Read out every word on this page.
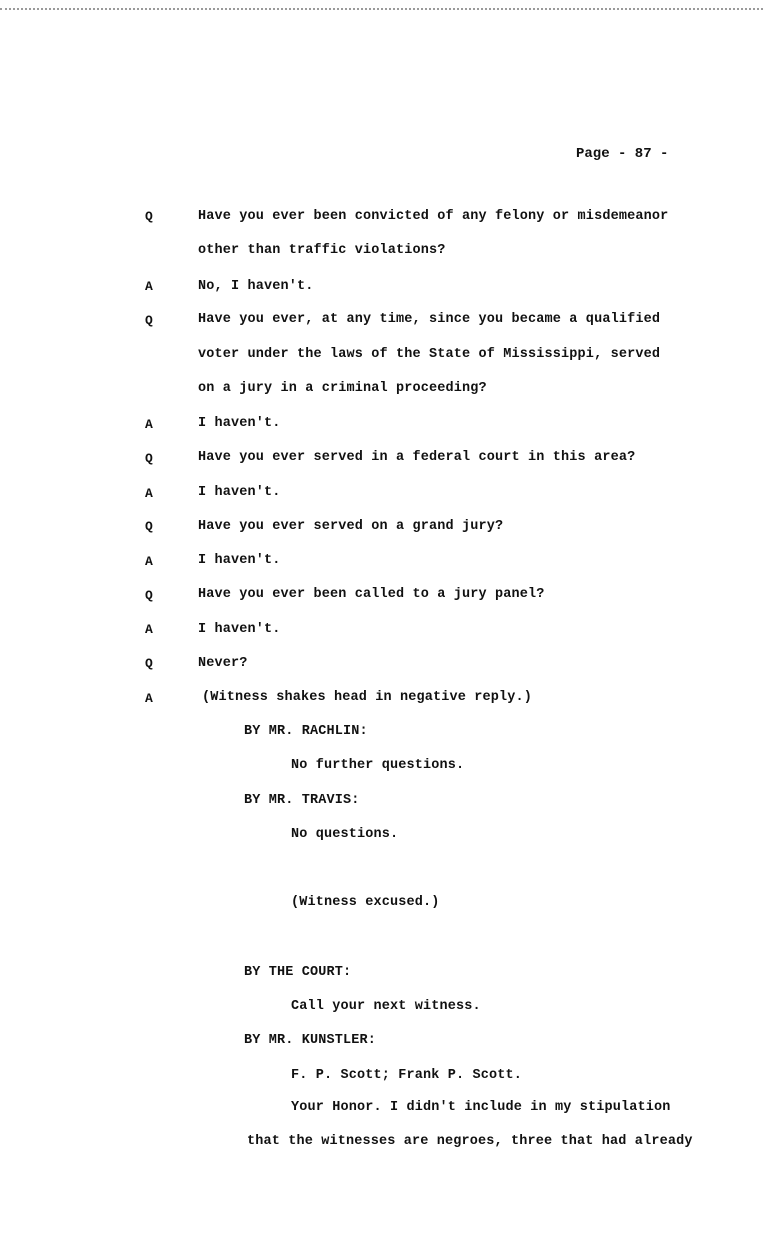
Page - 87 -
Q	Have you ever been convicted of any felony or misdemeanor
other than traffic violations?
A	No, I haven't.
Q	Have you ever, at any time, since you became a qualified
voter under the laws of the State of Mississippi, served
on a jury in a criminal proceeding?
A	I haven't.
Q	Have you ever served in a federal court in this area?
A	I haven't.
Q	Have you ever served on a grand jury?
A	I haven't.
Q	Have you ever been called to a jury panel?
A	I haven't.
Q	Never?
A	(Witness shakes head in negative reply.)
BY MR. RACHLIN:
No further questions.
BY MR. TRAVIS:
No questions.
(Witness excused.)
BY THE COURT:
Call your next witness.
BY MR. KUNSTLER:
F. P. Scott; Frank P. Scott.
Your Honor. I didn't include in my stipulation
that the witnesses are negroes, three that had already
